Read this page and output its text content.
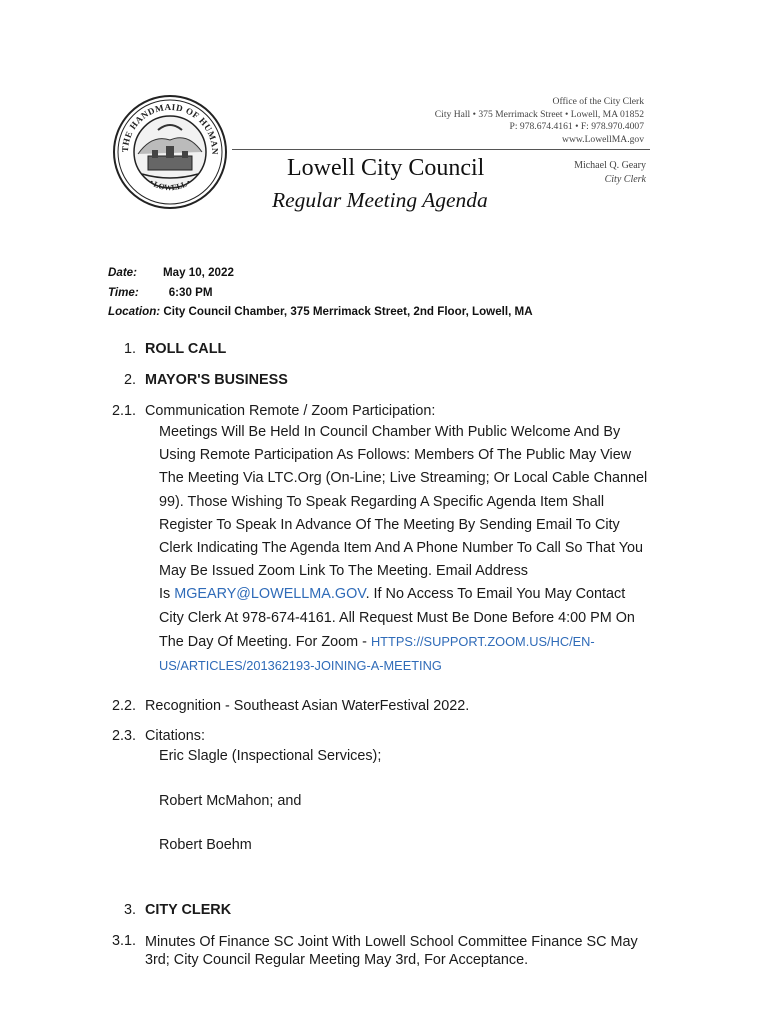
THE HANDMAID OF HUMAN
• LOWELL •
Office of the City Clerk
City Hall • 375 Merrimack Street • Lowell, MA 01852
P: 978.674.4161 • F: 978.970.4007
www.LowellMA.gov
Michael Q. Geary
City Clerk
Lowell City Council
Regular Meeting Agenda
Date: May 10, 2022
Time:	6:30 PM
Location: City Council Chamber, 375 Merrimack Street, 2nd Floor, Lowell, MA
1. ROLL CALL
2. MAYOR'S BUSINESS
2.1. Communication Remote / Zoom Participation:

Meetings Will Be Held In Council Chamber With Public Welcome And By

Using Remote Participation As Follows: Members Of The Public May View

The Meeting Via LTC.Org (On-Line; Live Streaming; Or Local Cable Channel

99). Those Wishing To Speak Regarding A Specific Agenda Item Shall

Register To Speak In Advance Of The Meeting By Sending Email To City

Clerk Indicating The Agenda Item And A Phone Number To Call So That You

May Be Issued Zoom Link To The Meeting. Email Address

Is MGEARY@LOWELLMA.GOV. If No Access To Email You May Contact

City Clerk At 978-674-4161. All Request Must Be Done Before 4:00 PM On

The Day Of Meeting. For Zoom - HTTPS://SUPPORT.ZOOM.US/HC/EN-

US/ARTICLES/201362193-JOINING-A-MEETING

2.2. Recognition - Southeast Asian WaterFestival 2022.
2.3. Citations:
Eric Slagle (Inspectional Services);
Robert McMahon; and
Robert Boehm
3. CITY CLERK
3.1. Minutes Of Finance SC Joint With Lowell School Committee Finance SC May

3rd; City Council Regular Meeting May 3rd, For Acceptance.
